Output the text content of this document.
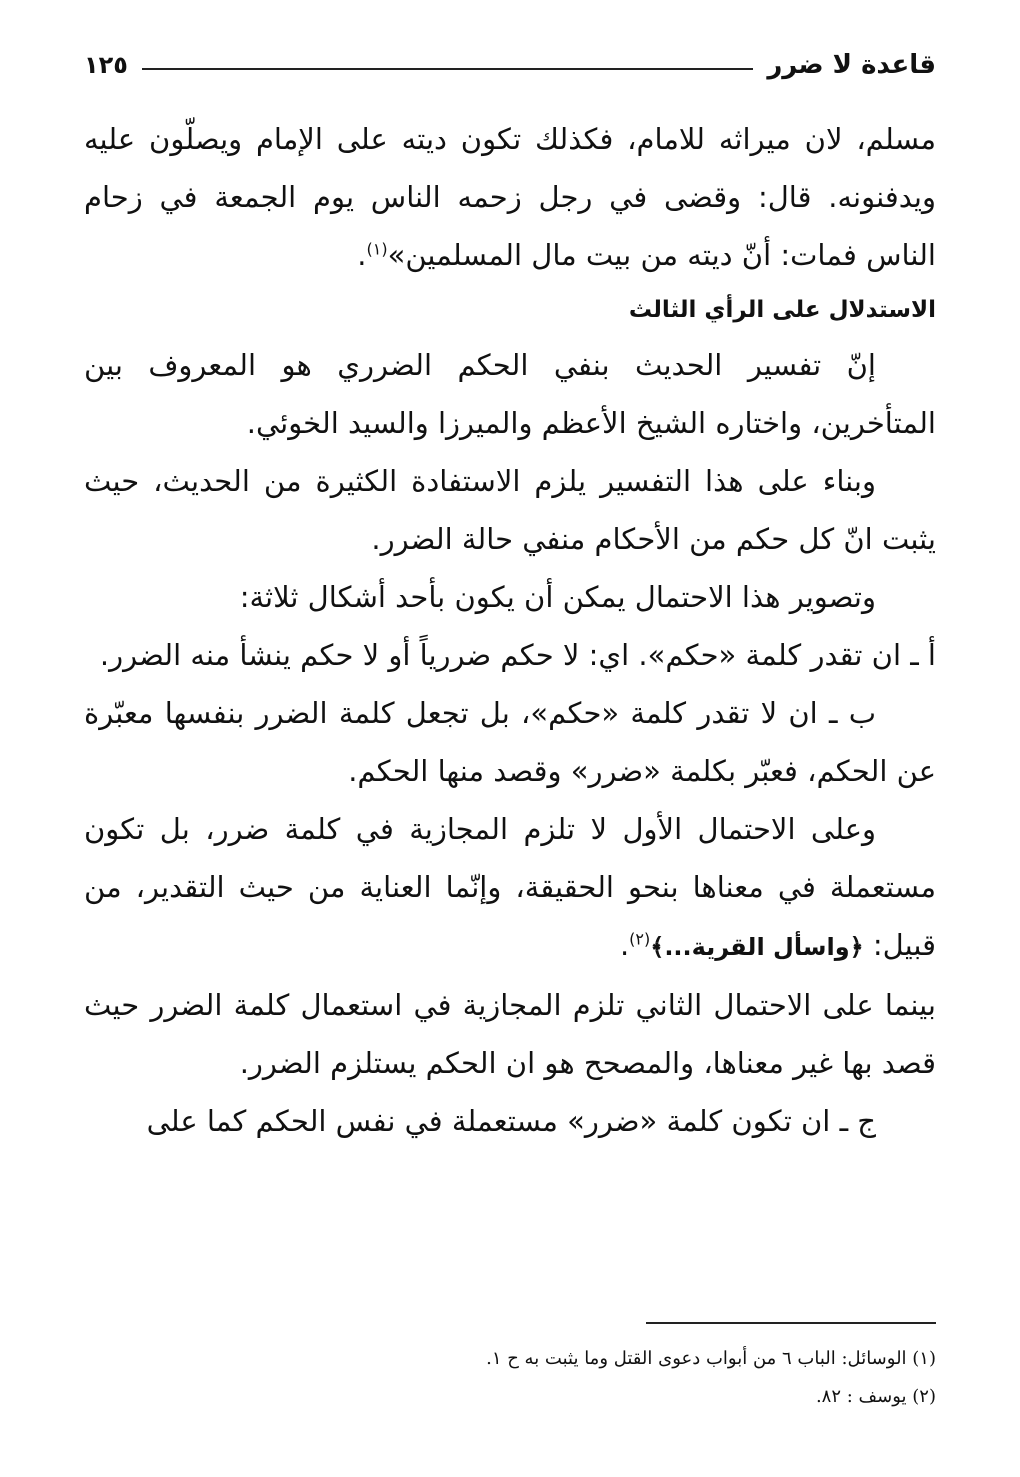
قاعدة لا ضرر
١٢٥

مسلم، لان ميراثه للامام، فكذلك تكون ديته على الإمام ويصلّون عليه ويدفنونه. قال: وقضى في رجل زحمه الناس يوم الجمعة في زحام الناس فمات: أنّ ديته من بيت مال المسلمين»$^{(١)}$.

الاستدلال على الرأي الثالث

إنّ تفسير الحديث بنفي الحكم الضرري هو المعروف بين المتأخرين، واختاره الشيخ الأعظم والميرزا والسيد الخوئي.

وبناء على هذا التفسير يلزم الاستفادة الكثيرة من الحديث، حيث يثبت انّ كل حكم من الأحكام منفي حالة الضرر.

وتصوير هذا الاحتمال يمكن أن يكون بأحد أشكال ثلاثة:

أ ـ ان تقدر كلمة «حكم». اي: لا حكم ضررياً أو لا حكم ينشأ منه الضرر.

ب ـ ان لا تقدر كلمة «حكم»، بل تجعل كلمة الضرر بنفسها معبّرة عن الحكم، فعبّر بكلمة «ضرر» وقصد منها الحكم.

وعلى الاحتمال الأول لا تلزم المجازية في كلمة ضرر، بل تكون مستعملة في معناها بنحو الحقيقة، وإنّما العناية من حيث التقدير، من قبيل: ﴿واسأل القرية...﴾$^{(٢)}$.

بينما على الاحتمال الثاني تلزم المجازية في استعمال كلمة الضرر حيث قصد بها غير معناها، والمصحح هو ان الحكم يستلزم الضرر.

ج ـ ان تكون كلمة «ضرر» مستعملة في نفس الحكم كما على

(١) الوسائل: الباب ٦ من أبواب دعوى القتل وما يثبت به ح ١.

(٢) يوسف : ٨٢.
